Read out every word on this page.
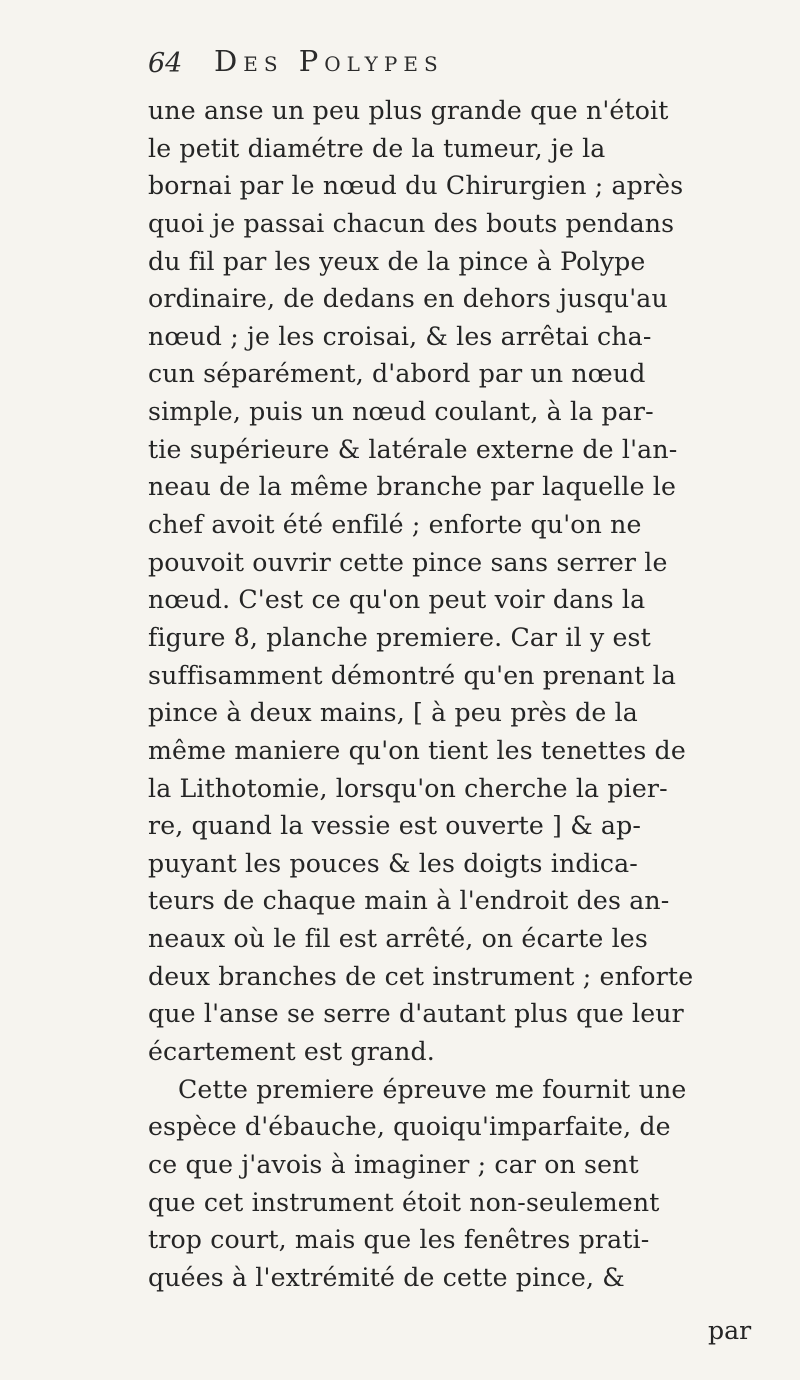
64 Des Polypes
une anse un peu plus grande que n'étoit
le petit diamétre de la tumeur, je la
bornai par le nœud du Chirurgien ; après
quoi je passai chacun des bouts pendans
du fil par les yeux de la pince à Polype
ordinaire, de dedans en dehors jusqu'au
nœud ; je les croisai, & les arrêtai cha-
cun séparément, d'abord par un nœud
simple, puis un nœud coulant, à la par-
tie supérieure & latérale externe de l'an-
neau de la même branche par laquelle le
chef avoit été enfilé ; enforte qu'on ne
pouvoit ouvrir cette pince sans serrer le
nœud. C'est ce qu'on peut voir dans la
figure 8, planche premiere. Car il y est
suffisamment démontré qu'en prenant la
pince à deux mains, [ à peu près de la
même maniere qu'on tient les tenettes de
la Lithotomie, lorsqu'on cherche la pier-
re, quand la vessie est ouverte ] & ap-
puyant les pouces & les doigts indica-
teurs de chaque main à l'endroit des an-
neaux où le fil est arrêté, on écarte les
deux branches de cet instrument ; enforte
que l'anse se serre d'autant plus que leur
écartement est grand.
Cette premiere épreuve me fournit une
espèce d'ébauche, quoiqu'imparfaite, de
ce que j'avois à imaginer ; car on sent
que cet instrument étoit non-seulement
trop court, mais que les fenêtres prati-
quées à l'extrémité de cette pince, &
par
